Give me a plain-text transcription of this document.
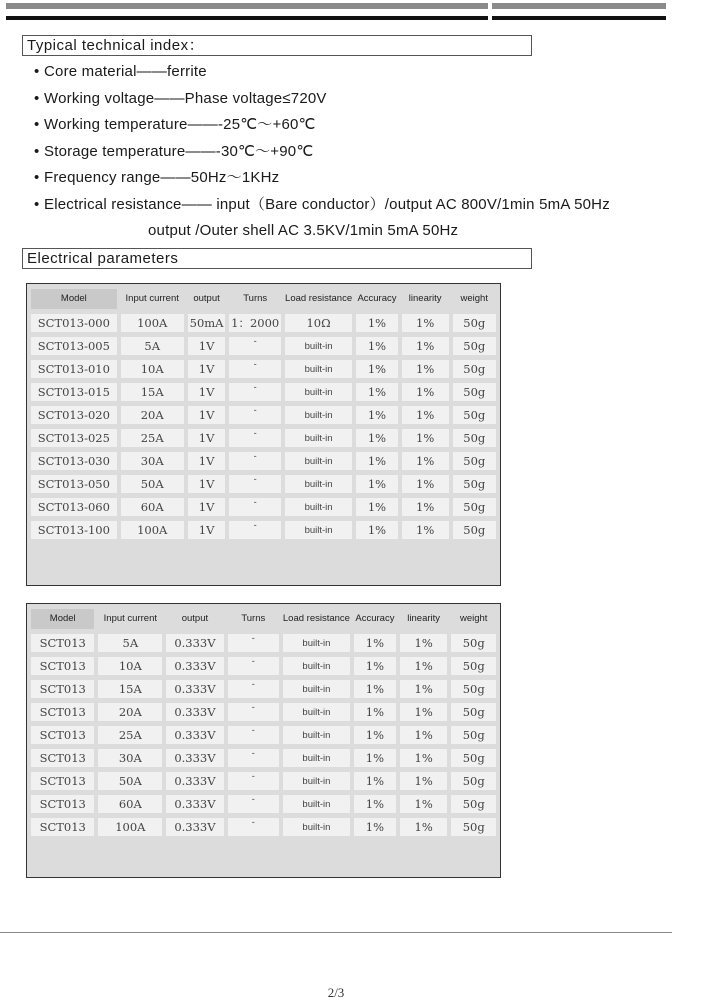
Typical technical index：
• Core material——ferrite
• Working voltage——Phase voltage≤720V
• Working temperature——-25℃～+60℃
• Storage temperature——-30℃～+90℃
• Frequency range——50Hz～1KHz
• Electrical resistance—— input（Bare conductor）/output AC 800V/1min 5mA 50Hz
output /Outer shell AC 3.5KV/1min 5mA 50Hz
Electrical parameters
Model	Input current	output	Turns	Load resistance	Accuracy	linearity	weight
SCT013-000	100A	50mA	1：2000	10Ω	1%	1%	50g
SCT013-005	5A	1V	-	built-in	1%	1%	50g
SCT013-010	10A	1V	-	built-in	1%	1%	50g
SCT013-015	15A	1V	-	built-in	1%	1%	50g
SCT013-020	20A	1V	-	built-in	1%	1%	50g
SCT013-025	25A	1V	-	built-in	1%	1%	50g
SCT013-030	30A	1V	-	built-in	1%	1%	50g
SCT013-050	50A	1V	-	built-in	1%	1%	50g
SCT013-060	60A	1V	-	built-in	1%	1%	50g
SCT013-100	100A	1V	-	built-in	1%	1%	50g
Model	Input current	output	Turns	Load resistance	Accuracy	linearity	weight
SCT013	5A	0.333V	-	built-in	1%	1%	50g
SCT013	10A	0.333V	-	built-in	1%	1%	50g
SCT013	15A	0.333V	-	built-in	1%	1%	50g
SCT013	20A	0.333V	-	built-in	1%	1%	50g
SCT013	25A	0.333V	-	built-in	1%	1%	50g
SCT013	30A	0.333V	-	built-in	1%	1%	50g
SCT013	50A	0.333V	-	built-in	1%	1%	50g
SCT013	60A	0.333V	-	built-in	1%	1%	50g
SCT013	100A	0.333V	-	built-in	1%	1%	50g
2/3
